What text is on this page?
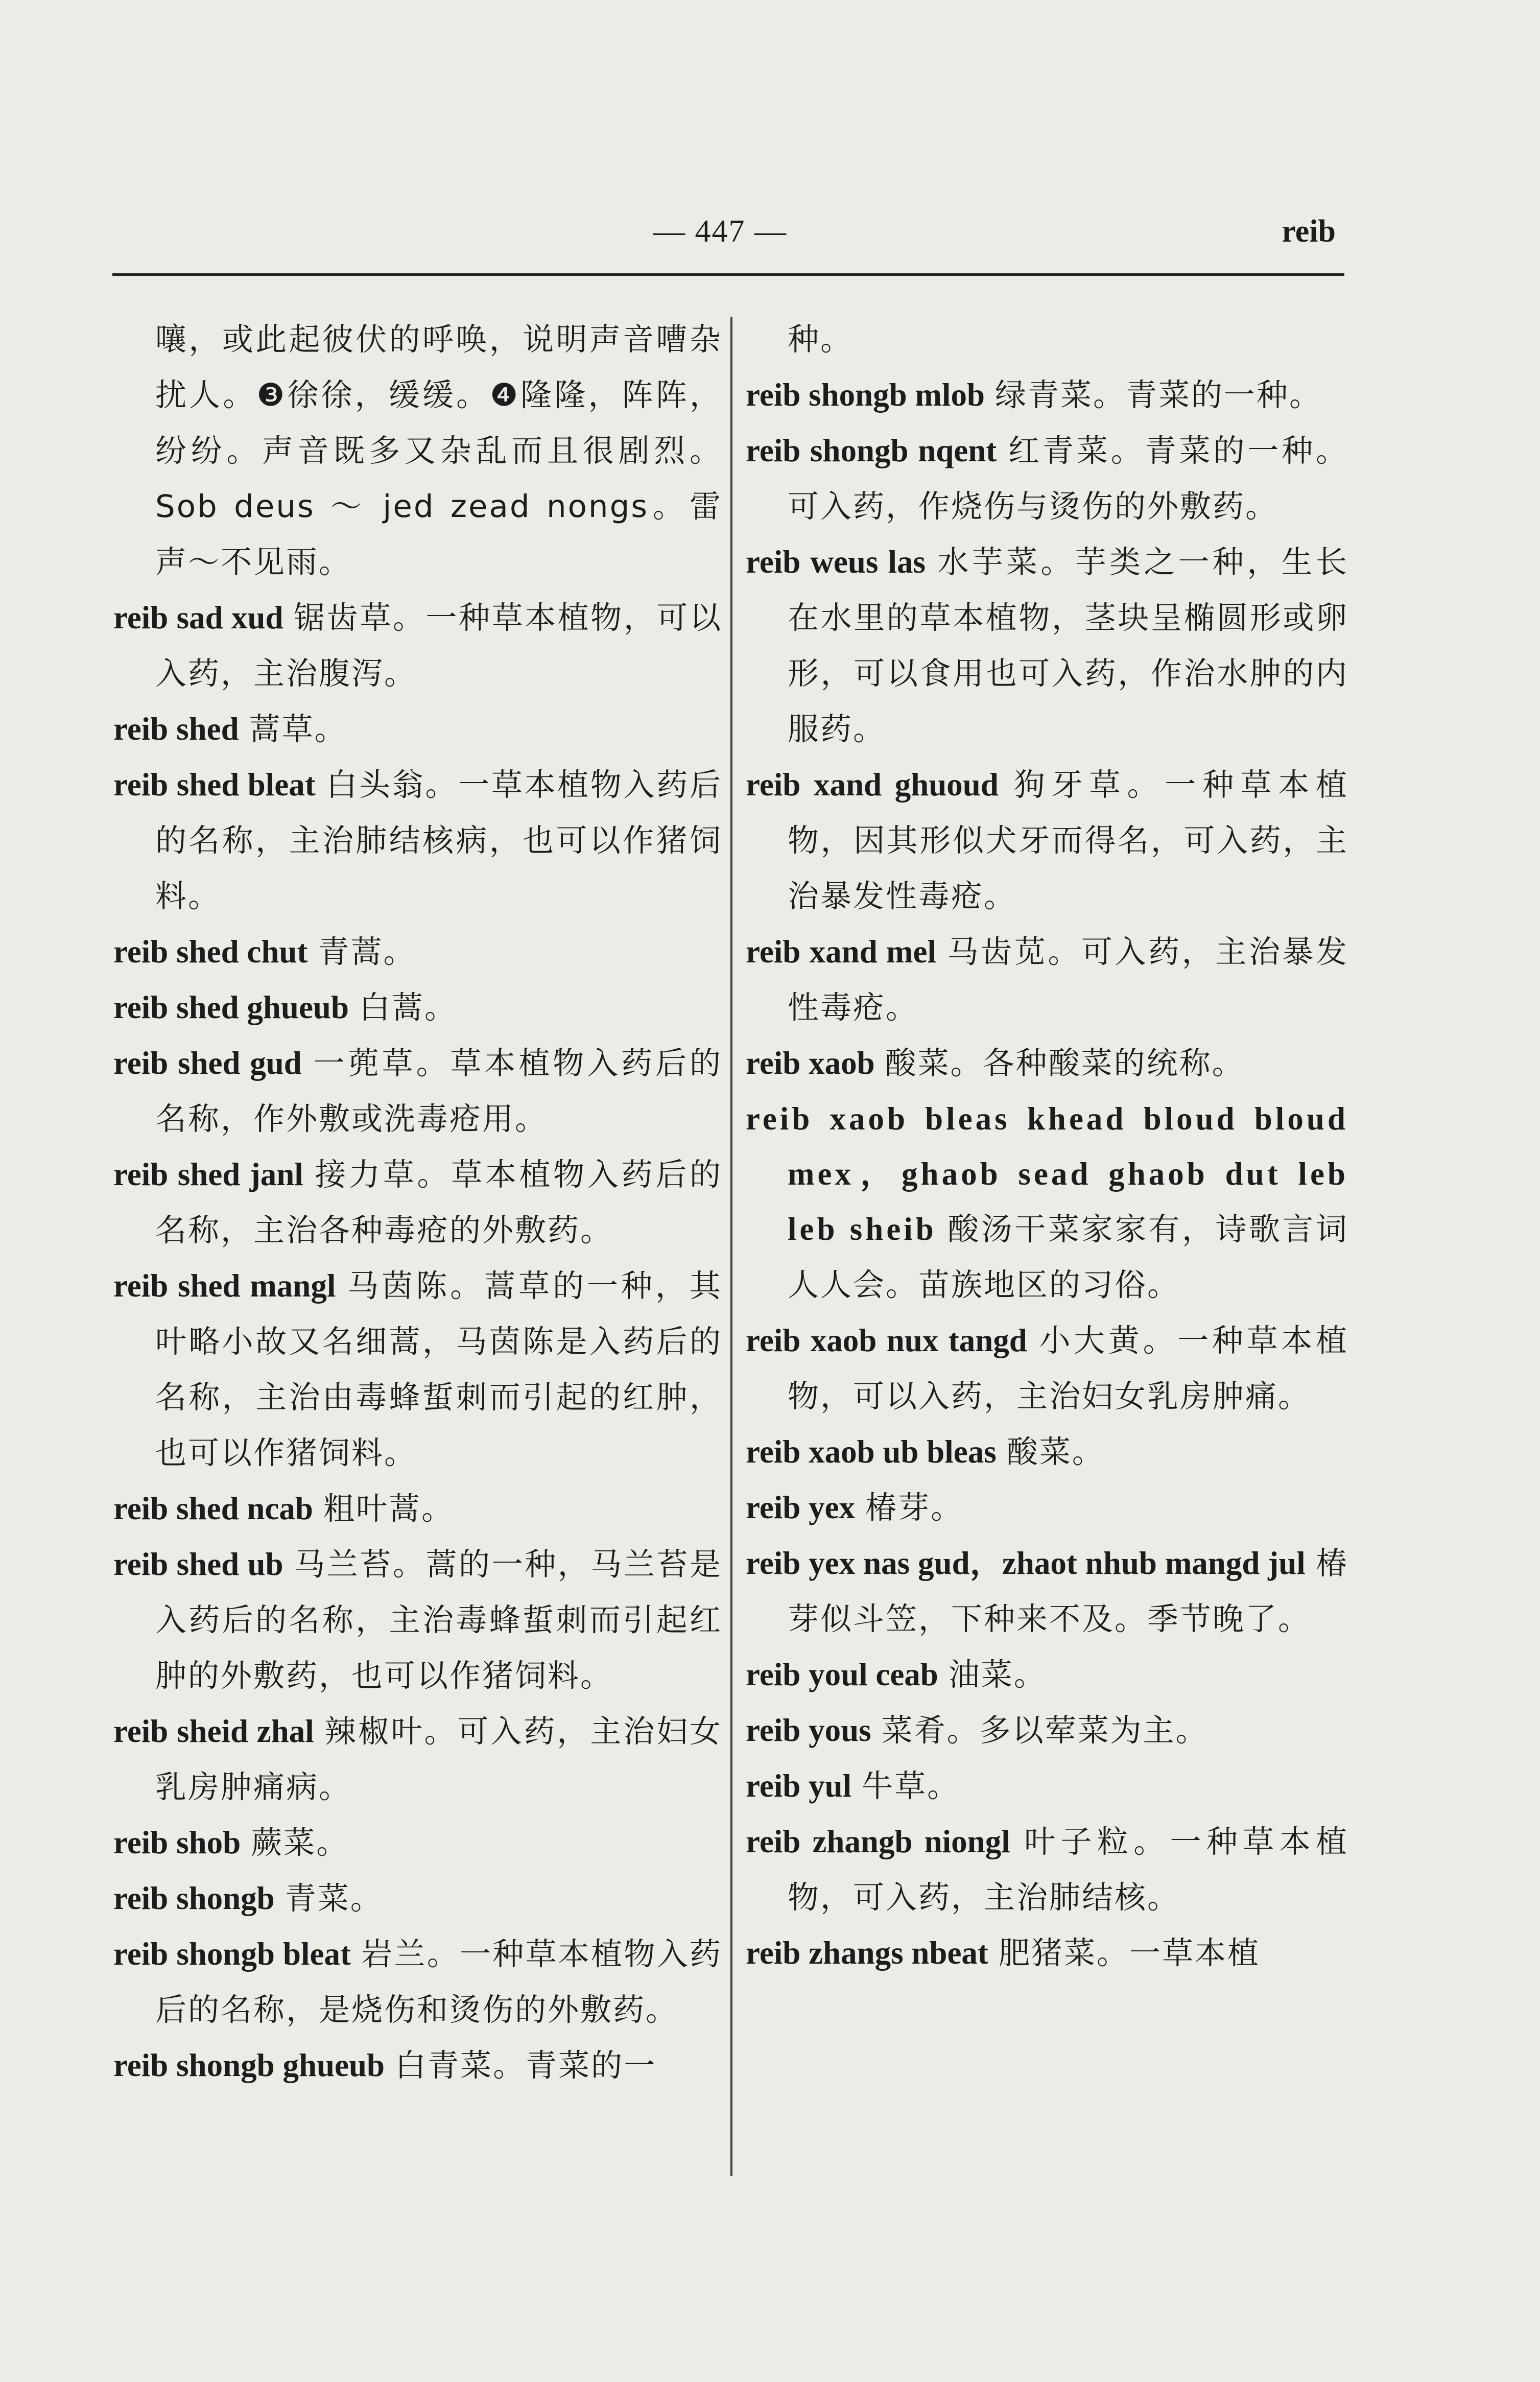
— 447 —	reib

嚷，或此起彼伏的呼唤，说明声音嘈杂扰人。❸徐徐，缓缓。❹隆隆，阵阵，纷纷。声音既多又杂乱而且很剧烈。Sob deus ～ jed zead nongs。雷声～不见雨。

reib sad xud 锯齿草。一种草本植物，可以入药，主治腹泻。

reib shed 蒿草。

reib shed bleat 白头翁。一草本植物入药后的名称，主治肺结核病，也可以作猪饲料。

reib shed chut 青蒿。

reib shed ghueub 白蒿。

reib shed gud 一蔸草。草本植物入药后的名称，作外敷或洗毒疮用。

reib shed janl 接力草。草本植物入药后的名称，主治各种毒疮的外敷药。

reib shed mangl 马茵陈。蒿草的一种，其叶略小故又名细蒿，马茵陈是入药后的名称，主治由毒蜂蜇刺而引起的红肿，也可以作猪饲料。

reib shed ncab 粗叶蒿。

reib shed ub 马兰苔。蒿的一种，马兰苔是入药后的名称，主治毒蜂蜇刺而引起红肿的外敷药，也可以作猪饲料。

reib sheid zhal 辣椒叶。可入药，主治妇女乳房肿痛病。

reib shob 蕨菜。

reib shongb 青菜。

reib shongb bleat 岩兰。一种草本植物入药后的名称，是烧伤和烫伤的外敷药。

reib shongb ghueub 白青菜。青菜的一

种。

reib shongb mlob 绿青菜。青菜的一种。

reib shongb nqent 红青菜。青菜的一种。可入药，作烧伤与烫伤的外敷药。

reib weus las 水芋菜。芋类之一种，生长在水里的草本植物，茎块呈椭圆形或卵形，可以食用也可入药，作治水肿的内服药。

reib xand ghuoud 狗牙草。一种草本植物，因其形似犬牙而得名，可入药，主治暴发性毒疮。

reib xand mel 马齿苋。可入药，主治暴发性毒疮。

reib xaob 酸菜。各种酸菜的统称。

reib xaob bleas khead bloud bloud mex，ghaob sead ghaob dut leb leb sheib 酸汤干菜家家有，诗歌言词人人会。苗族地区的习俗。

reib xaob nux tangd 小大黄。一种草本植物，可以入药，主治妇女乳房肿痛。

reib xaob ub bleas 酸菜。

reib yex 椿芽。

reib yex nas gud，zhaot nhub mangd jul 椿芽似斗笠，下种来不及。季节晚了。

reib youl ceab 油菜。

reib yous 菜肴。多以荤菜为主。

reib yul 牛草。

reib zhangb niongl 叶子粒。一种草本植物，可入药，主治肺结核。

reib zhangs nbeat 肥猪菜。一草本植
